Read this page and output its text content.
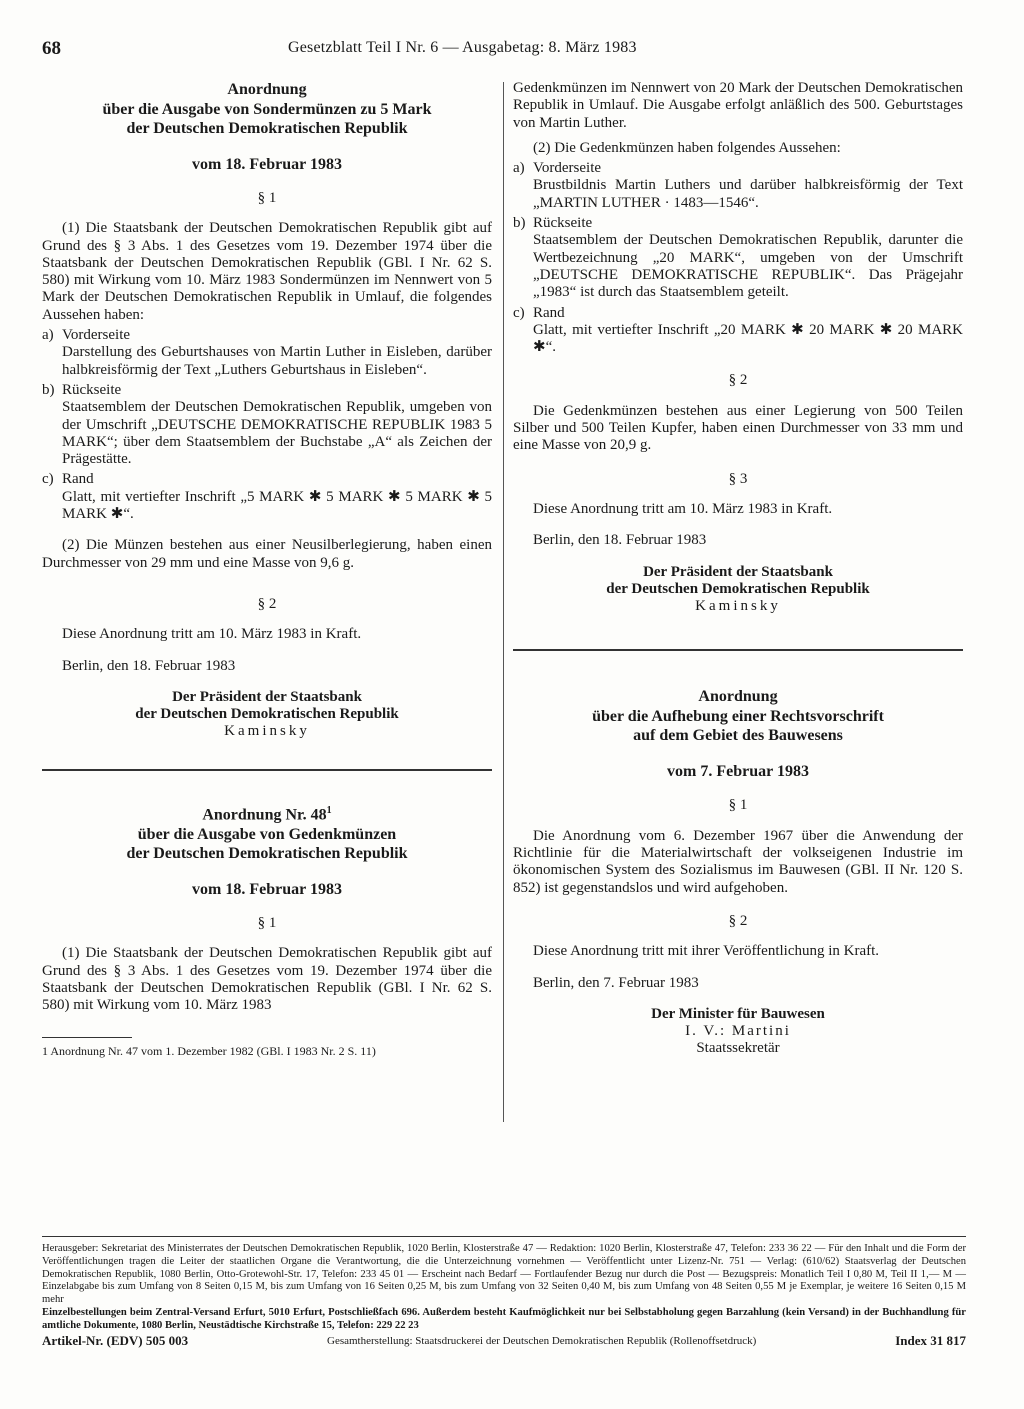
68	Gesetzblatt Teil I Nr. 6 — Ausgabetag: 8. März 1983
Anordnung
über die Ausgabe von Sondermünzen zu 5 Mark
der Deutschen Demokratischen Republik
vom 18. Februar 1983
§ 1

(1) Die Staatsbank der Deutschen Demokratischen Republik gibt auf Grund des § 3 Abs. 1 des Gesetzes vom 19. Dezember 1974 über die Staatsbank der Deutschen Demokratischen Republik (GBl. I Nr. 62 S. 580) mit Wirkung vom 10. März 1983 Sondermünzen im Nennwert von 5 Mark der Deutschen Demokratischen Republik in Umlauf, die folgendes Aussehen haben:

a) Vorderseite

Darstellung des Geburtshauses von Martin Luther in Eisleben, darüber halbkreisförmig der Text „Luthers Geburtshaus in Eisleben“.

b) Rückseite

Staatsemblem der Deutschen Demokratischen Republik, umgeben von der Umschrift „DEUTSCHE DEMOKRATISCHE REPUBLIK 1983 5 MARK“; über dem Staatsemblem der Buchstabe „A“ als Zeichen der Prägestätte.

c) Rand

Glatt, mit vertiefter Inschrift „5 MARK ✱ 5 MARK ✱ 5 MARK ✱ 5 MARK ✱“.

(2) Die Münzen bestehen aus einer Neusilberlegierung, haben einen Durchmesser von 29 mm und eine Masse von 9,6 g.

§ 2

Diese Anordnung tritt am 10. März 1983 in Kraft.

Berlin, den 18. Februar 1983

Der Präsident der Staatsbank
der Deutschen Demokratischen Republik
Kaminsky
Anordnung Nr. $48^1$
über die Ausgabe von Gedenkmünzen
der Deutschen Demokratischen Republik
vom 18. Februar 1983
§ 1

(1) Die Staatsbank der Deutschen Demokratischen Republik gibt auf Grund des § 3 Abs. 1 des Gesetzes vom 19. Dezember 1974 über die Staatsbank der Deutschen Demokratischen Republik (GBl. I Nr. 62 S. 580) mit Wirkung vom 10. März 1983

1 Anordnung Nr. 47 vom 1. Dezember 1982 (GBl. I 1983 Nr. 2 S. 11)

Gedenkmünzen im Nennwert von 20 Mark der Deutschen Demokratischen Republik in Umlauf. Die Ausgabe erfolgt anläßlich des 500. Geburtstages von Martin Luther.

(2) Die Gedenkmünzen haben folgendes Aussehen:

a) Vorderseite

Brustbildnis Martin Luthers und darüber halbkreisförmig der Text „MARTIN LUTHER · 1483—1546“.

b) Rückseite

Staatsemblem der Deutschen Demokratischen Republik, darunter die Wertbezeichnung „20 MARK“, umgeben von der Umschrift „DEUTSCHE DEMOKRATISCHE REPUBLIK“. Das Prägejahr „1983“ ist durch das Staatsemblem geteilt.

c) Rand

Glatt, mit vertiefter Inschrift „20 MARK ✱ 20 MARK ✱ 20 MARK ✱“.

§ 2

Die Gedenkmünzen bestehen aus einer Legierung von 500 Teilen Silber und 500 Teilen Kupfer, haben einen Durchmesser von 33 mm und eine Masse von 20,9 g.

§ 3

Diese Anordnung tritt am 10. März 1983 in Kraft.

Berlin, den 18. Februar 1983

Der Präsident der Staatsbank
der Deutschen Demokratischen Republik
Kaminsky
Anordnung
über die Aufhebung einer Rechtsvorschrift
auf dem Gebiet des Bauwesens
vom 7. Februar 1983
§ 1

Die Anordnung vom 6. Dezember 1967 über die Anwendung der Richtlinie für die Materialwirtschaft der volkseigenen Industrie im ökonomischen System des Sozialismus im Bauwesen (GBl. II Nr. 120 S. 852) ist gegenstandslos und wird aufgehoben.

§ 2

Diese Anordnung tritt mit ihrer Veröffentlichung in Kraft.

Berlin, den 7. Februar 1983

Der Minister für Bauwesen
I. V.: Martini
Staatssekretär
Herausgeber: Sekretariat des Ministerrates der Deutschen Demokratischen Republik, 1020 Berlin, Klosterstraße 47 — Redaktion: 1020 Berlin, Klosterstraße 47, Telefon: 233 36 22 — Für den Inhalt und die Form der Veröffentlichungen tragen die Leiter der staatlichen Organe die Verantwortung, die die Unterzeichnung vornehmen — Veröffentlicht unter Lizenz-Nr. 751 — Verlag: (610/62) Staatsverlag der Deutschen Demokratischen Republik, 1080 Berlin, Otto-Grotewohl-Str. 17, Telefon: 233 45 01 — Erscheint nach Bedarf — Fortlaufender Bezug nur durch die Post — Bezugspreis: Monatlich Teil I 0,80 M, Teil II 1,— M — Einzelabgabe bis zum Umfang von 8 Seiten 0,15 M, bis zum Umfang von 16 Seiten 0,25 M, bis zum Umfang von 32 Seiten 0,40 M, bis zum Umfang von 48 Seiten 0,55 M je Exemplar, je weitere 16 Seiten 0,15 M mehr
Einzelbestellungen beim Zentral-Versand Erfurt, 5010 Erfurt, Postschließfach 696. Außerdem besteht Kaufmöglichkeit nur bei Selbstabholung gegen Barzahlung (kein Versand) in der Buchhandlung für amtliche Dokumente, 1080 Berlin, Neustädtische Kirchstraße 15, Telefon: 229 22 23
Artikel-Nr. (EDV) 505 003	Gesamtherstellung: Staatsdruckerei der Deutschen Demokratischen Republik (Rollenoffsetdruck)	Index 31 817
